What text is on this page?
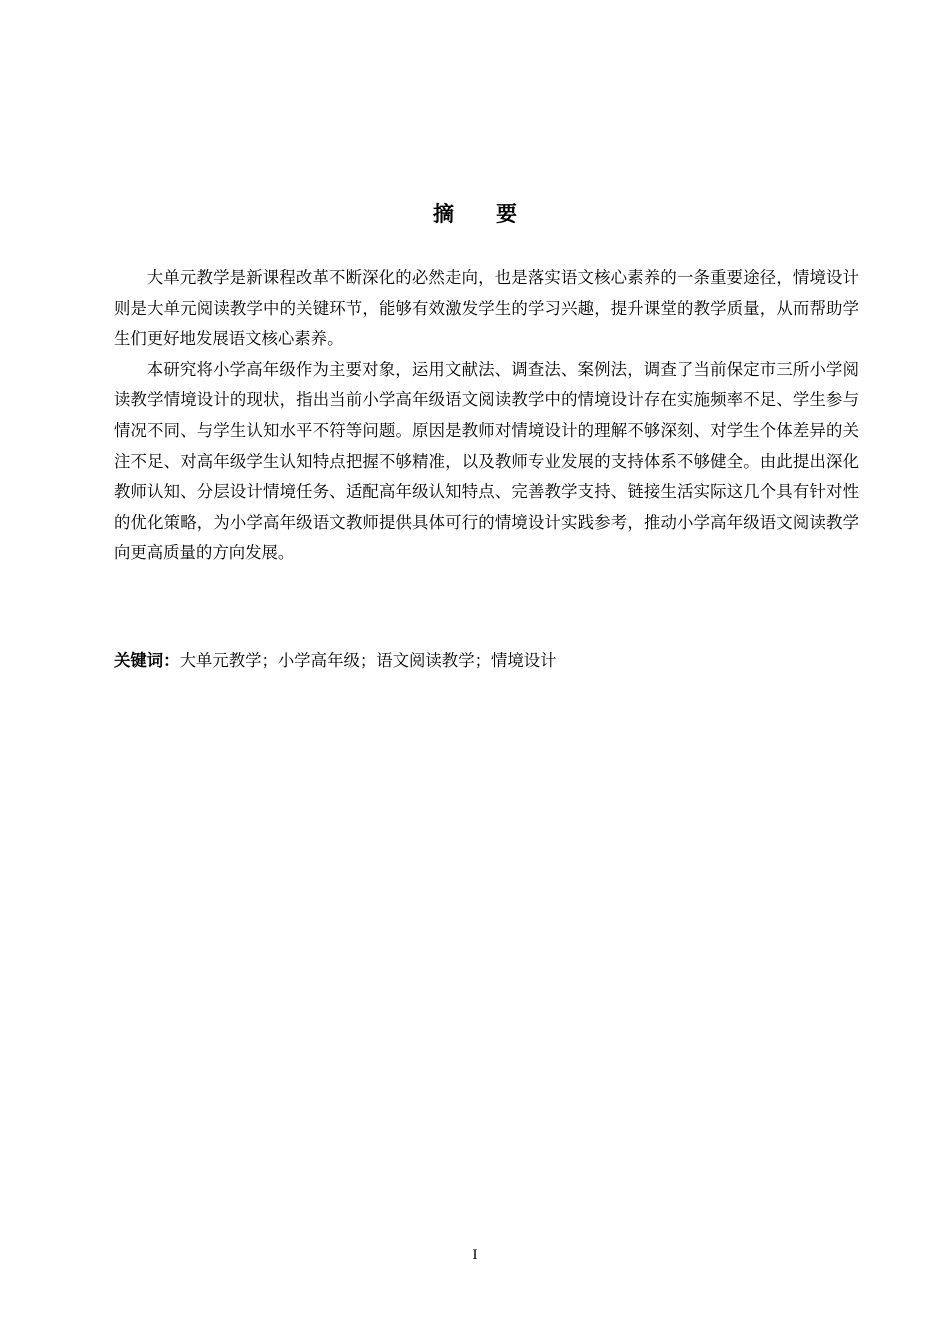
摘 要

大单元教学是新课程改革不断深化的必然走向，也是落实语文核心素养的一条重要途径，情境设计则是大单元阅读教学中的关键环节，能够有效激发学生的学习兴趣，提升课堂的教学质量，从而帮助学生们更好地发展语文核心素养。

本研究将小学高年级作为主要对象，运用文献法、调查法、案例法，调查了当前保定市三所小学阅读教学情境设计的现状，指出当前小学高年级语文阅读教学中的情境设计存在实施频率不足、学生参与情况不同、与学生认知水平不符等问题。原因是教师对情境设计的理解不够深刻、对学生个体差异的关注不足、对高年级学生认知特点把握不够精准，以及教师专业发展的支持体系不够健全。由此提出深化教师认知、分层设计情境任务、适配高年级认知特点、完善教学支持、链接生活实际这几个具有针对性的优化策略，为小学高年级语文教师提供具体可行的情境设计实践参考，推动小学高年级语文阅读教学向更高质量的方向发展。

关键词：大单元教学；小学高年级；语文阅读教学；情境设计
I
